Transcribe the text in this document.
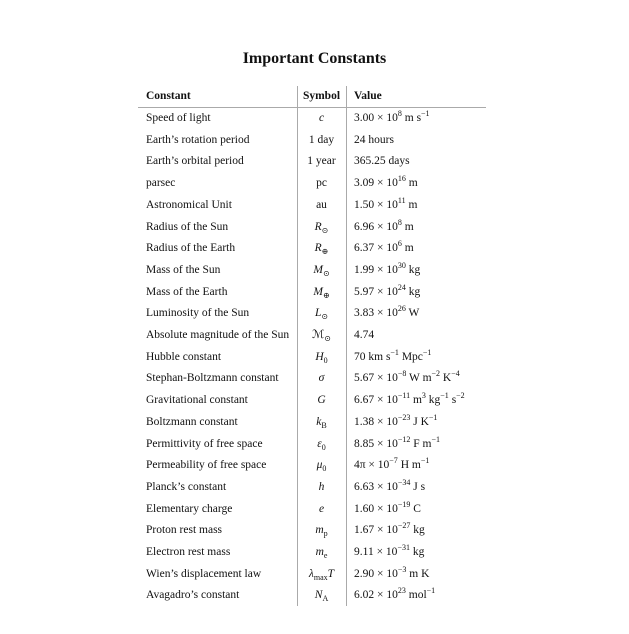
Important Constants
Constant	Symbol	Value
Speed of light	c	$3.00 \times 10^8$ m $s^{-1}$
Earth’s rotation period	1 day	24 hours
Earth’s orbital period	1 year	365.25 days
parsec	pc	$3.09 \times 10^{16}$ m
Astronomical Unit	au	$1.50 \times 10^{11}$ m
Radius of the Sun	$R_⊙$	$6.96 \times 10^8$ m
Radius of the Earth	$R_\oplus$	$6.37 \times 10^6$ m
Mass of the Sun	$M_⊙$	$1.99 \times 10^{30}$ kg
Mass of the Earth	$M_\oplus$	$5.97 \times 10^{24}$ kg
Luminosity of the Sun	$L_⊙$	$3.83 \times 10^{26}$ W
Absolute magnitude of the Sun	ℳ$_⊙$	4.74
Hubble constant	$H_0$	70 km $s^{-1}$ Mpc$^{-1}$
Stephan-Boltzmann constant	σ	$5.67 \times 10^{-8}$ W $m^{-2}$ $K^{-4}$
Gravitational constant	G	$6.67 \times 10^{-11}$ $m^3$ $kg^{-1}$ $s^{-2}$
Boltzmann constant	$k_B$	$1.38 \times 10^{-23}$ J $K^{-1}$
Permittivity of free space	$\varepsilon_0$	$8.85 \times 10^{-12}$ F $m^{-1}$
Permeability of free space	$\mu_0$	$4\pi \times 10^{-7}$ H $m^{-1}$
Planck’s constant	h	$6.63 \times 10^{-34}$ J s
Elementary charge	e	$1.60 \times 10^{-19}$ C
Proton rest mass	$m_p$	$1.67 \times 10^{-27}$ kg
Electron rest mass	$m_e$	$9.11 \times 10^{-31}$ kg
Wien’s displacement law	$\lambda_{max}T$	$2.90 \times 10^{-3}$ m K
Avagadro’s constant	$N_A$	$6.02 \times 10^{23}$ mol$^{-1}$
